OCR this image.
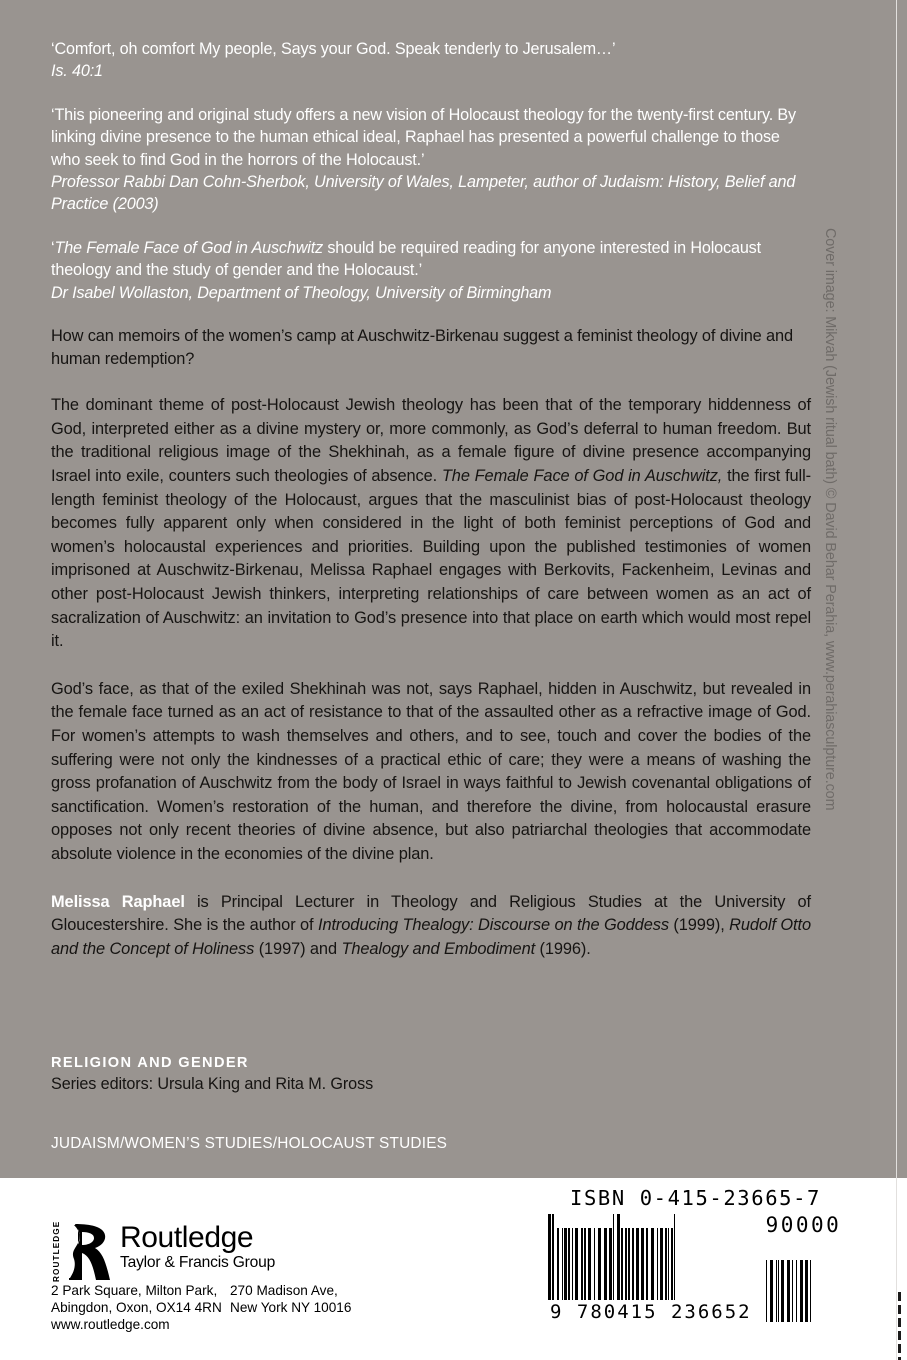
‘Comfort, oh comfort My people, Says your God. Speak tenderly to Jerusalem…’

Is. 40:1

‘This pioneering and original study offers a new vision of Holocaust theology for the twenty-first century. By linking divine presence to the human ethical ideal, Raphael has presented a powerful challenge to those who seek to find God in the horrors of the Holocaust.’

Professor Rabbi Dan Cohn-Sherbok, University of Wales, Lampeter, author of Judaism: History, Belief and Practice (2003)

‘The Female Face of God in Auschwitz should be required reading for anyone interested in Holocaust theology and the study of gender and the Holocaust.’

Dr Isabel Wollaston, Department of Theology, University of Birmingham

How can memoirs of the women’s camp at Auschwitz-Birkenau suggest a feminist theology of divine and human redemption?

The dominant theme of post-Holocaust Jewish theology has been that of the temporary hiddenness of God, interpreted either as a divine mystery or, more commonly, as God’s deferral to human freedom. But the traditional religious image of the Shekhinah, as a female figure of divine presence accompanying Israel into exile, counters such theologies of absence. The Female Face of God in Auschwitz, the first full-length feminist theology of the Holocaust, argues that the masculinist bias of post-Holocaust theology becomes fully apparent only when considered in the light of both feminist perceptions of God and women’s holocaustal experiences and priorities. Building upon the published testimonies of women imprisoned at Auschwitz-Birkenau, Melissa Raphael engages with Berkovits, Fackenheim, Levinas and other post-Holocaust Jewish thinkers, interpreting relationships of care between women as an act of sacralization of Auschwitz: an invitation to God’s presence into that place on earth which would most repel it.

God’s face, as that of the exiled Shekhinah was not, says Raphael, hidden in Auschwitz, but revealed in the female face turned as an act of resistance to that of the assaulted other as a refractive image of God. For women’s attempts to wash themselves and others, and to see, touch and cover the bodies of the suffering were not only the kindnesses of a practical ethic of care; they were a means of washing the gross profanation of Auschwitz from the body of Israel in ways faithful to Jewish covenantal obligations of sanctification. Women’s restoration of the human, and therefore the divine, from holocaustal erasure opposes not only recent theories of divine absence, but also patriarchal theologies that accommodate absolute violence in the economies of the divine plan.

Melissa Raphael is Principal Lecturer in Theology and Religious Studies at the University of Gloucestershire. She is the author of Introducing Thealogy: Discourse on the Goddess (1999), Rudolf Otto and the Concept of Holiness (1997) and Thealogy and Embodiment (1996).

RELIGION AND GENDER

Series editors: Ursula King and Rita M. Gross

JUDAISM/WOMEN’S STUDIES/HOLOCAUST STUDIES
Cover image: Mikvah (Jewish ritual bath) © David Behar Perahia, www.perahiasculpture.com
ROUTLEDGE Routledge
Taylor & Francis Group
2 Park Square, Milton Park,
Abingdon, Oxon, OX14 4RN
www.routledge.com
270 Madison Ave,
New York NY 10016
ISBN 0-415-23665-7
9 780415 236652
90000
